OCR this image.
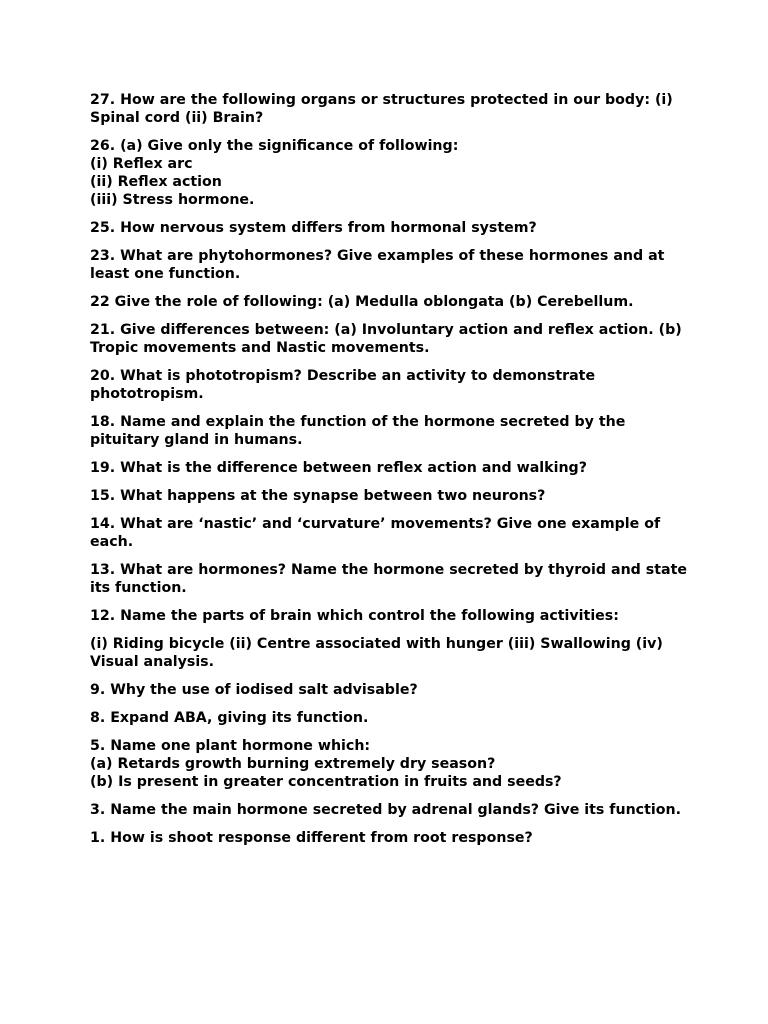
27. How are the following organs or structures protected in our body: (i)
Spinal cord (ii) Brain?
26. (a) Give only the significance of following:
(i) Reflex arc
(ii) Reflex action
(iii) Stress hormone.
25. How nervous system differs from hormonal system?
23. What are phytohormones? Give examples of these hormones and at
least one function.
22 Give the role of following: (a) Medulla oblongata (b) Cerebellum.
21. Give differences between: (a) Involuntary action and reflex action. (b)
Tropic movements and Nastic movements.
20. What is phototropism? Describe an activity to demonstrate
phototropism.
18. Name and explain the function of the hormone secreted by the
pituitary gland in humans.
19. What is the difference between reflex action and walking?
15. What happens at the synapse between two neurons?
14. What are ‘nastic’ and ‘curvature’ movements? Give one example of
each.
13. What are hormones? Name the hormone secreted by thyroid and state
its function.
12. Name the parts of brain which control the following activities:
(i) Riding bicycle (ii) Centre associated with hunger (iii) Swallowing (iv)
Visual analysis.
9. Why the use of iodised salt advisable?
8. Expand ABA, giving its function.
5. Name one plant hormone which:
(a) Retards growth burning extremely dry season?
(b) Is present in greater concentration in fruits and seeds?
3. Name the main hormone secreted by adrenal glands? Give its function.
1. How is shoot response different from root response?
